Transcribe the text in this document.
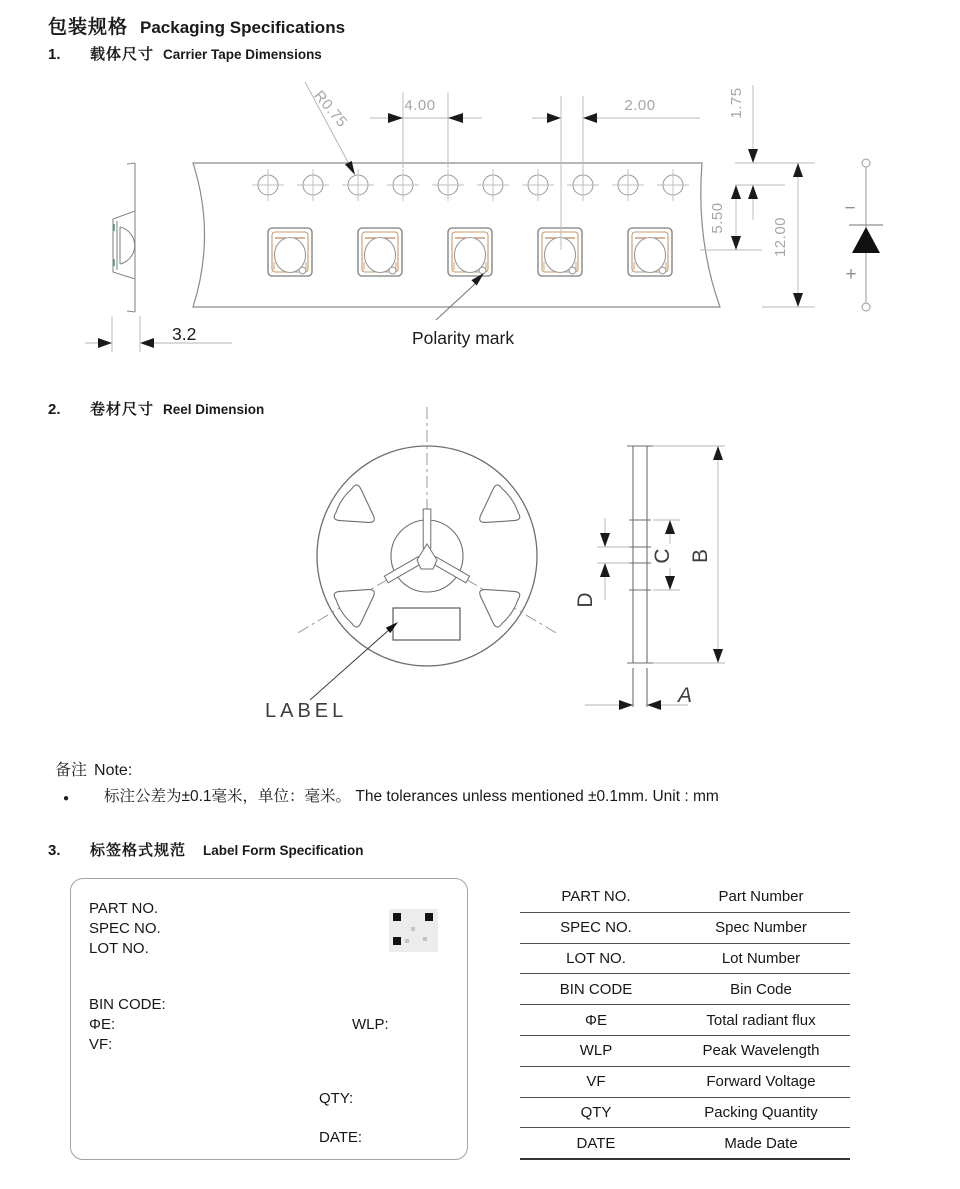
包装规格 Packaging Specifications
1.	载体尺寸 Carrier Tape Dimensions
3.2
4.00	2.00
R0.75	1.75
5.50	12.00
Polarity mark
−
+
2.	卷材尺寸 Reel Dimension
LABEL
B
C
D
A
备注 Note:
●	标注公差为±0.1毫米，单位：毫米。 The tolerances unless mentioned ±0.1mm. Unit : mm
3.	标签格式规范 Label Form Specification
PART NO.
SPEC NO.
LOT NO.
BIN CODE:
ΦE:
VF:
WLP:
QTY:
DATE:
PART NO.	Part Number
SPEC NO.	Spec Number
LOT NO.	Lot Number
BIN CODE	Bin Code
ΦE	Total radiant flux
WLP	Peak Wavelength
VF	Forward Voltage
QTY	Packing Quantity
DATE	Made Date
